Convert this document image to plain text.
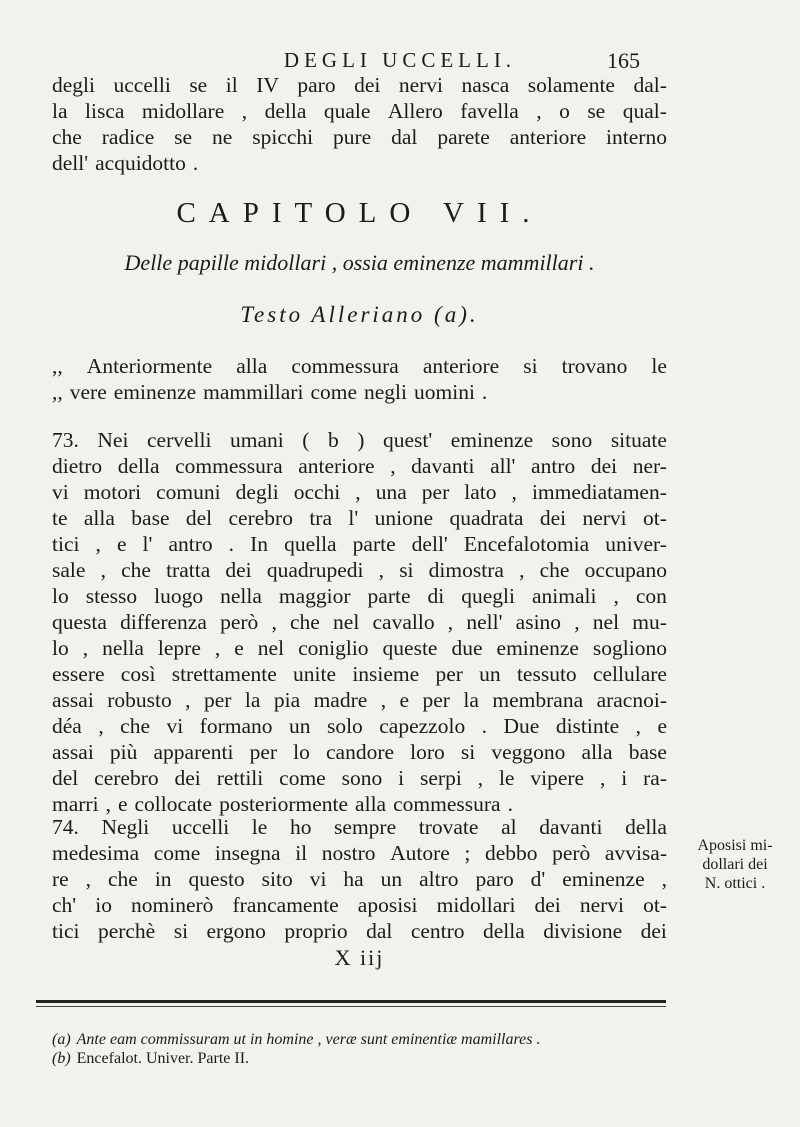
DEGLI UCCELLI.	165
degli uccelli se il IV paro dei nervi nasca solamente dal-
la lisca midollare , della quale Allero favella , o se qual-
che radice se ne spicchi pure dal parete anteriore interno
dell' acquidotto .
CAPITOLO VII.
Delle papille midollari , ossia eminenze mammillari .
Testo Alleriano (a).
,, Anteriormente alla commessura anteriore si trovano le
,, vere eminenze mammillari come negli uomini .
73. Nei cervelli umani ( b ) quest' eminenze sono situate
dietro della commessura anteriore , davanti all' antro dei ner-
vi motori comuni degli occhi , una per lato , immediatamen-
te alla base del cerebro tra l' unione quadrata dei nervi ot-
tici , e l' antro . In quella parte dell' Encefalotomia univer-
sale , che tratta dei quadrupedi , si dimostra , che occupano
lo stesso luogo nella maggior parte di quegli animali , con
questa differenza però , che nel cavallo , nell' asino , nel mu-
lo , nella lepre , e nel coniglio queste due eminenze sogliono
essere così strettamente unite insieme per un tessuto cellulare
assai robusto , per la pia madre , e per la membrana aracnoi-
déa , che vi formano un solo capezzolo . Due distinte , e
assai più apparenti per lo candore loro si veggono alla base
del cerebro dei rettili come sono i serpi , le vipere , i ra-
marri , e collocate posteriormente alla commessura .
74. Negli uccelli le ho sempre trovate al davanti della
medesima come insegna il nostro Autore ; debbo però avvisa-
re , che in questo sito vi ha un altro paro d' eminenze ,
ch' io nominerò francamente aposisi midollari dei nervi ot-
tici perchè si ergono proprio dal centro della divisione dei
Aposisi mi-
dollari dei
N. ottici .
X iij
(a) Ante eam commissuram ut in homine , veræ sunt eminentiæ mamillares .
(b) Encefalot. Univer. Parte II.
